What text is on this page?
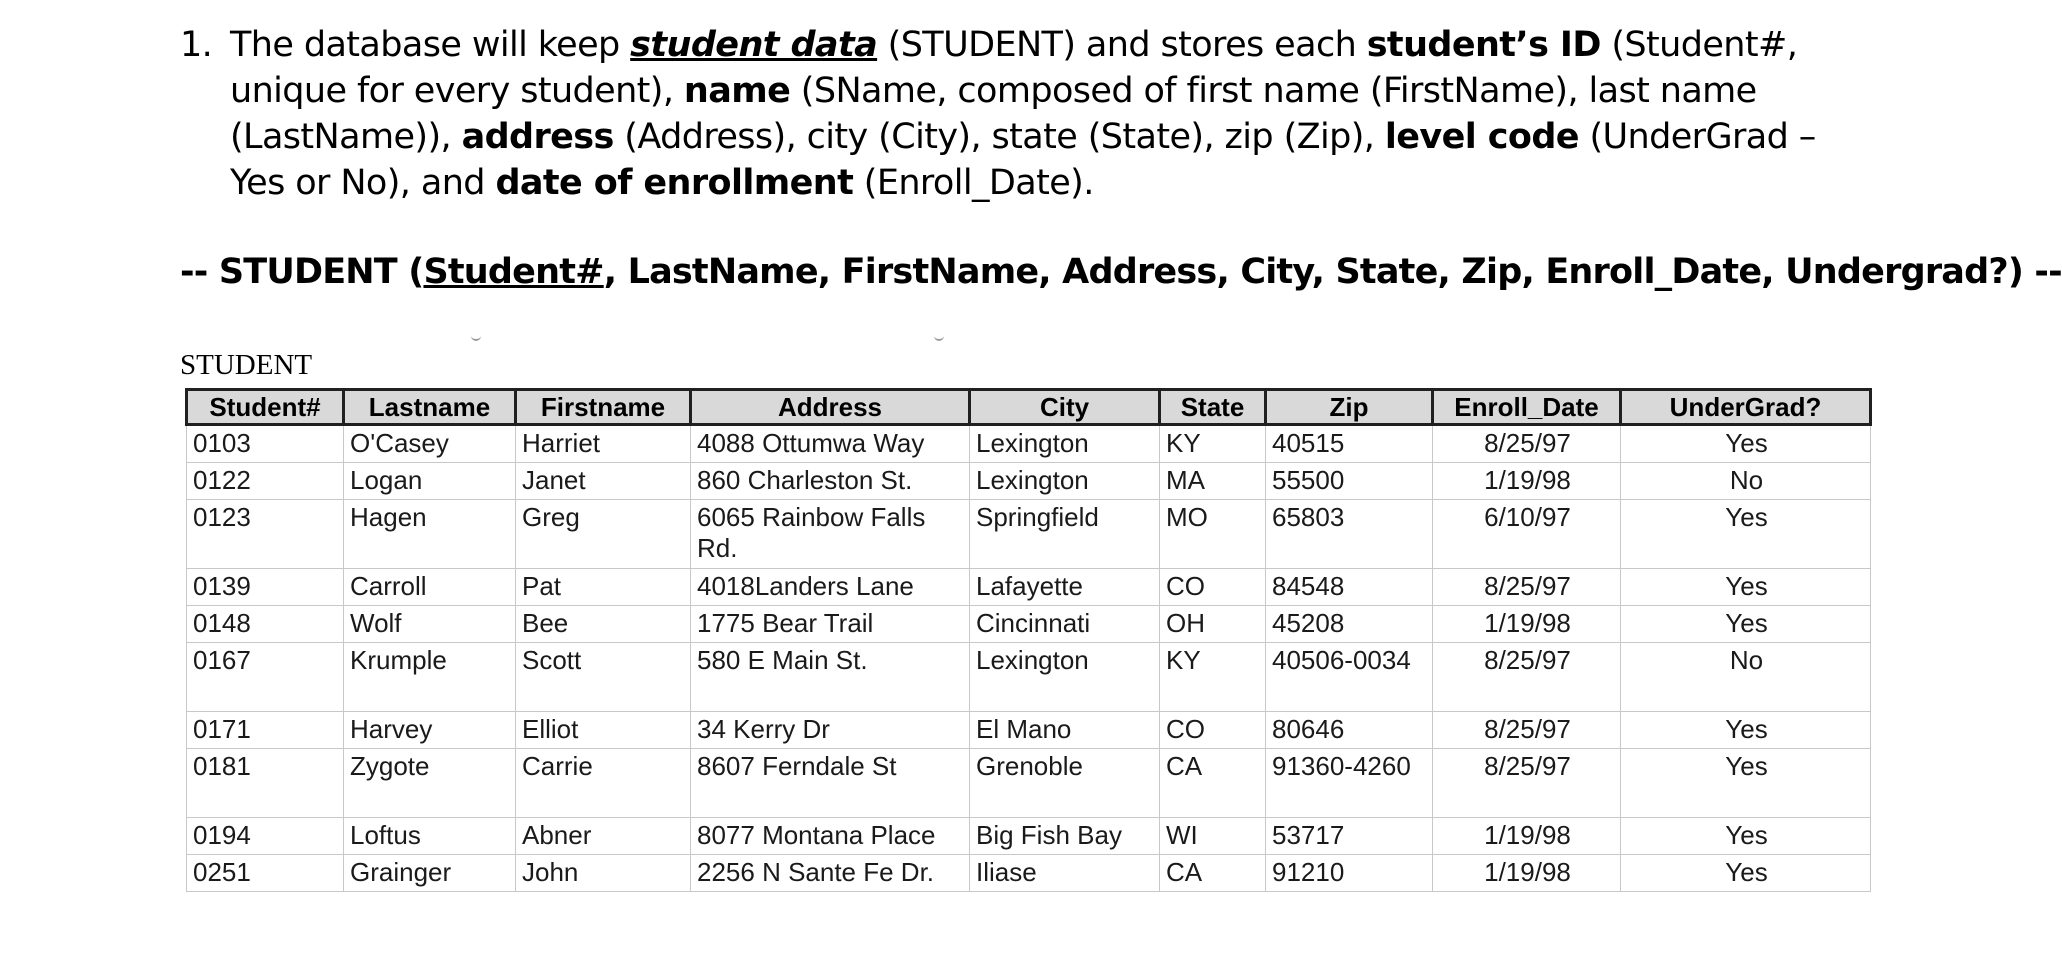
1. The database will keep student data (STUDENT) and stores each student’s ID (Student#, unique for every student), name (SName, composed of first name (FirstName), last name (LastName)), address (Address), city (City), state (State), zip (Zip), level code (UnderGrad – Yes or No), and date of enrollment (Enroll_Date).
-- STUDENT (Student#, LastName, FirstName, Address, City, State, Zip, Enroll_Date, Undergrad?) --
STUDENT
Student#	Lastname	Firstname	Address	City	State	Zip	Enroll_Date	UnderGrad?
0103	O'Casey	Harriet	4088 Ottumwa Way	Lexington	KY	40515	8/25/97	Yes
0122	Logan	Janet	860 Charleston St.	Lexington	MA	55500	1/19/98	No
0123	Hagen	Greg	6065 Rainbow Falls Rd.	Springfield	MO	65803	6/10/97	Yes
0139	Carroll	Pat	4018Landers Lane	Lafayette	CO	84548	8/25/97	Yes
0148	Wolf	Bee	1775 Bear Trail	Cincinnati	OH	45208	1/19/98	Yes
0167	Krumple	Scott	580 E Main St.	Lexington	KY	40506-0034	8/25/97	No
0171	Harvey	Elliot	34 Kerry Dr	El Mano	CO	80646	8/25/97	Yes
0181	Zygote	Carrie	8607 Ferndale St	Grenoble	CA	91360-4260	8/25/97	Yes
0194	Loftus	Abner	8077 Montana Place	Big Fish Bay	WI	53717	1/19/98	Yes
0251	Grainger	John	2256 N Sante Fe Dr.	Iliase	CA	91210	1/19/98	Yes
